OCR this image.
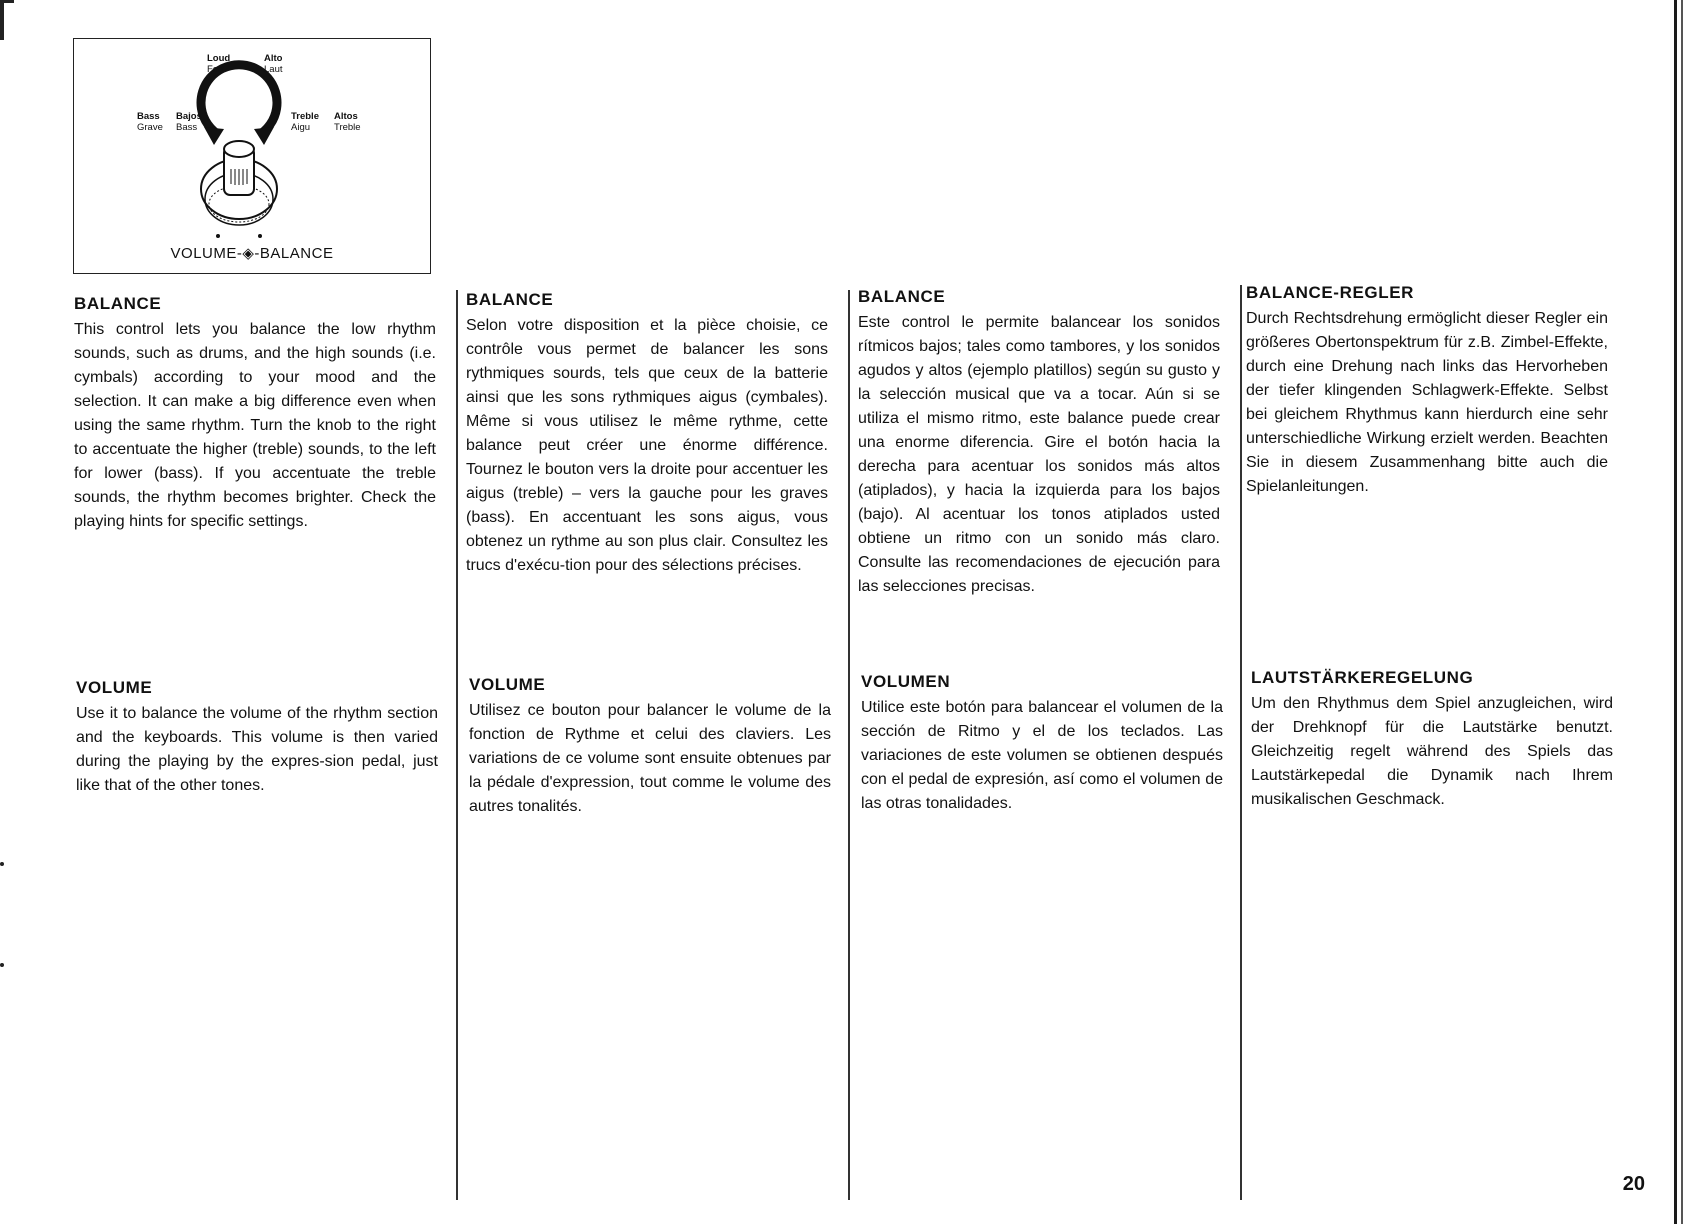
Loud
Fort
Alto
Laut
Bass
Grave
Bajos
Bass
Treble
Aigu
Altos
Treble
VOLUME-◈-BALANCE
BALANCE

This control lets you balance the low rhythm sounds, such as drums, and the high sounds (i.e. cymbals) according to your mood and the selection. It can make a big difference even when using the same rhythm. Turn the knob to the right to accentuate the higher (treble) sounds, to the left for lower (bass). If you accentuate the treble sounds, the rhythm becomes brighter. Check the playing hints for specific settings.

VOLUME

Use it to balance the volume of the rhythm section and the keyboards. This volume is then varied during the playing by the expres-sion pedal, just like that of the other tones.

BALANCE

Selon votre disposition et la pièce choisie, ce contrôle vous permet de balancer les sons rythmiques sourds, tels que ceux de la batterie ainsi que les sons rythmiques aigus (cymbales). Même si vous utilisez le même rythme, cette balance peut créer une énorme différence. Tournez le bouton vers la droite pour accentuer les aigus (treble) – vers la gauche pour les graves (bass). En accentuant les sons aigus, vous obtenez un rythme au son plus clair. Consultez les trucs d'exécu-tion pour des sélections précises.

VOLUME

Utilisez ce bouton pour balancer le volume de la fonction de Rythme et celui des claviers. Les variations de ce volume sont ensuite obtenues par la pédale d'expression, tout comme le volume des autres tonalités.

BALANCE

Este control le permite balancear los sonidos rítmicos bajos; tales como tambores, y los sonidos agudos y altos (ejemplo platillos) según su gusto y la selección musical que va a tocar. Aún si se utiliza el mismo ritmo, este balance puede crear una enorme diferencia. Gire el botón hacia la derecha para acentuar los sonidos más altos (atiplados), y hacia la izquierda para los bajos (bajo). Al acentuar los tonos atiplados usted obtiene un ritmo con un sonido más claro. Consulte las recomendaciones de ejecución para las selecciones precisas.

VOLUMEN

Utilice este botón para balancear el volumen de la sección de Ritmo y el de los teclados. Las variaciones de este volumen se obtienen después con el pedal de expresión, así como el volumen de las otras tonalidades.

BALANCE-REGLER

Durch Rechtsdrehung ermöglicht dieser Regler ein größeres Obertonspektrum für z.B. Zimbel-Effekte, durch eine Drehung nach links das Hervorheben der tiefer klingenden Schlagwerk-Effekte. Selbst bei gleichem Rhythmus kann hierdurch eine sehr unterschiedliche Wirkung erzielt werden. Beachten Sie in diesem Zusammenhang bitte auch die Spielanleitungen.

LAUTSTÄRKEREGELUNG

Um den Rhythmus dem Spiel anzugleichen, wird der Drehknopf für die Lautstärke benutzt. Gleichzeitig regelt während des Spiels das Lautstärkepedal die Dynamik nach Ihrem musikalischen Geschmack.

20
